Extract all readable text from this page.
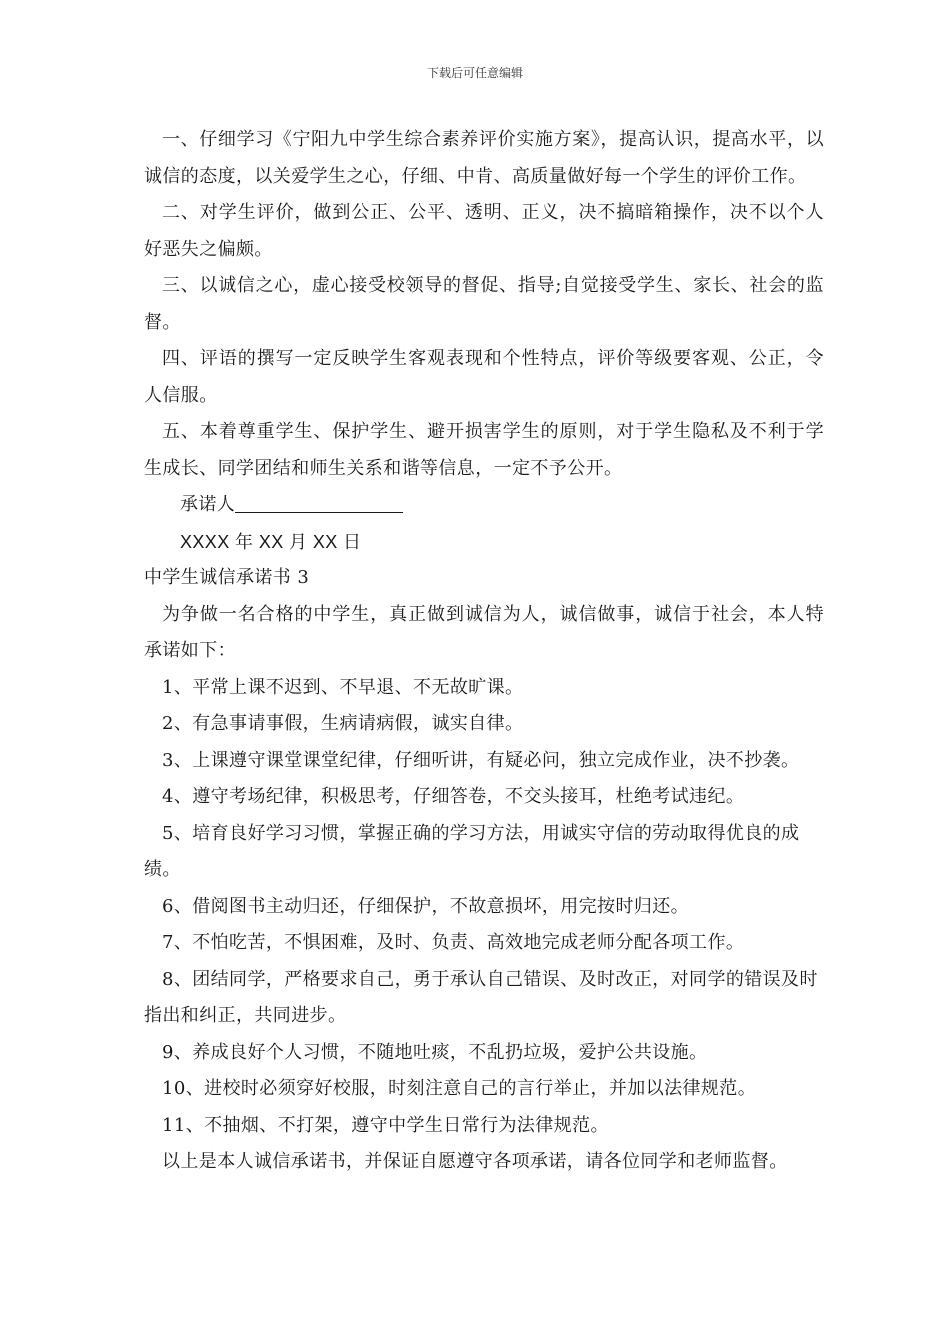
下载后可任意编辑

一、仔细学习《宁阳九中学生综合素养评价实施方案》，提高认识，提高水平，以诚信的态度，以关爱学生之心，仔细、中肯、高质量做好每一个学生的评价工作。

二、对学生评价，做到公正、公平、透明、正义，决不搞暗箱操作，决不以个人好恶失之偏颇。

三、以诚信之心，虚心接受校领导的督促、指导;自觉接受学生、家长、社会的监督。

四、评语的撰写一定反映学生客观表现和个性特点，评价等级要客观、公正，令人信服。

五、本着尊重学生、保护学生、避开损害学生的原则，对于学生隐私及不利于学生成长、同学团结和师生关系和谐等信息，一定不予公开。

承诺人

XXXX 年 XX 月 XX 日

中学生诚信承诺书 3

为争做一名合格的中学生，真正做到诚信为人，诚信做事，诚信于社会，本人特承诺如下：

1、平常上课不迟到、不早退、不无故旷课。

2、有急事请事假，生病请病假，诚实自律。

3、上课遵守课堂课堂纪律，仔细听讲，有疑必问，独立完成作业，决不抄袭。

4、遵守考场纪律，积极思考，仔细答卷，不交头接耳，杜绝考试违纪。

5、培育良好学习习惯，掌握正确的学习方法，用诚实守信的劳动取得优良的成绩。

6、借阅图书主动归还，仔细保护，不故意损坏，用完按时归还。

7、不怕吃苦，不惧困难，及时、负责、高效地完成老师分配各项工作。

8、团结同学，严格要求自己，勇于承认自己错误、及时改正，对同学的错误及时指出和纠正，共同进步。

9、养成良好个人习惯，不随地吐痰，不乱扔垃圾，爱护公共设施。

10、进校时必须穿好校服，时刻注意自己的言行举止，并加以法律规范。

11、不抽烟、不打架，遵守中学生日常行为法律规范。

以上是本人诚信承诺书，并保证自愿遵守各项承诺，请各位同学和老师监督。
